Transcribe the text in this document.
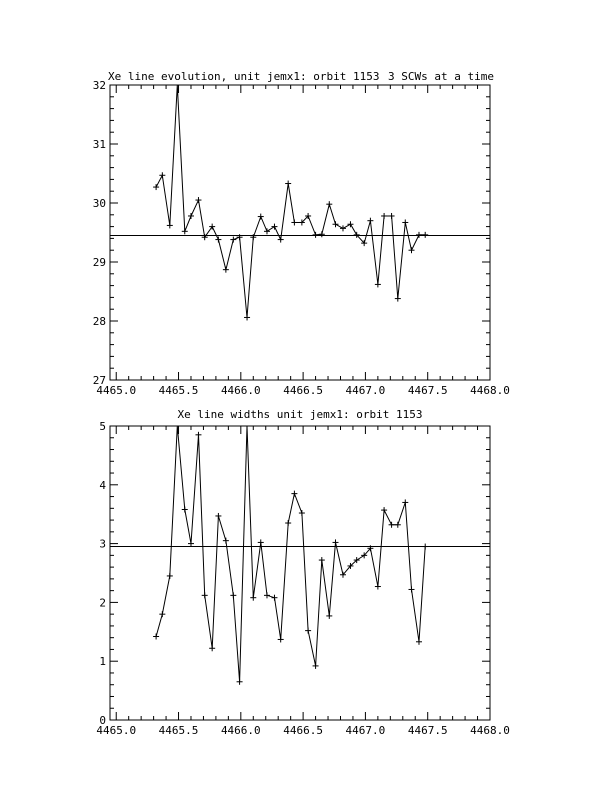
Xe line evolution, unit jemx1: orbit 1153 3 SCWs at a time
4465.0 4465.5 4466.0 4466.5 4467.0 4467.5 4468.0
27
28
29
30
31
32
Xe line widths unit jemx1: orbit 1153
4465.0 4465.5 4466.0 4466.5 4467.0 4467.5 4468.0
0
1
2
3
4
5
